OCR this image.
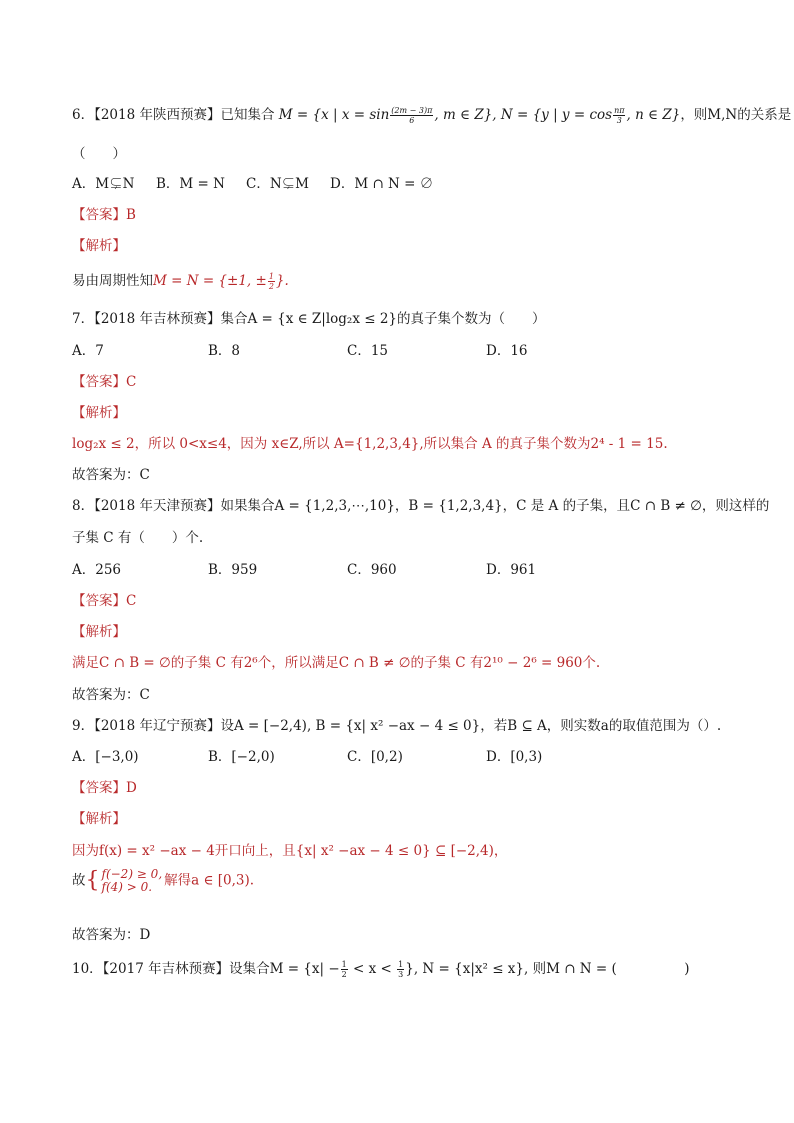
6．【2018 年陕西预赛】已知集合 M = {x | $x = \sin \frac{(2m - 3)\pi}{6}$ , m ∈ Z}, N = {y | $y = \cos \frac{n\pi}{3}$ , n ∈ Z}，则M,N的关系是
（　　）
A．M⊊N B．M = N C．N⊊M D．M ∩ N = ∅
【答案】B
【解析】
易由周期性知M = N = {±1, ± $\frac{1}{2}$ }.
7．【2018 年吉林预赛】集合A = {x ∈ Z|log₂x ≤ 2}的真子集个数为（　　）
A．7	B．8	C．15	D．16
【答案】C
【解析】
log₂x ≤ 2，所以 0<x≤4，因为 x∈Z,所以 A={1,2,3,4},所以集合 A 的真子集个数为2⁴ - 1 = 15.
故答案为：C
8．【2018 年天津预赛】如果集合A = {1,2,3,⋯,10}，B = {1,2,3,4}，C 是 A 的子集，且C ∩ B ≠ ∅，则这样的
子集 C 有（　　）个.
A．256	B．959	C．960	D．961
【答案】C
【解析】
满足C ∩ B = ∅的子集 C 有2⁶个，所以满足C ∩ B ≠ ∅的子集 C 有2¹⁰ − 2⁶ = 960个.
故答案为：C
9．【2018 年辽宁预赛】设A = [−2,4), B = {x| x² −ax − 4 ≤ 0}，若B ⊆ A，则实数a的取值范围为（）.
A．[−3,0)	B．[−2,0)	C．[0,2)	D．[0,3)
【答案】D
【解析】
因为f(x) = x² −ax − 4开口向上，且{x| x² −ax − 4 ≤ 0} ⊆ [−2,4)，
故{ f(−2) ≥ 0,
f(4) > 0. 解得a ∈ [0,3).
故答案为：D
10．【2017 年吉林预赛】设集合$M = \{x| - \frac{1}{2} < x < \frac{1}{3}$ }, N = {x|x² ≤ x}, 则M ∩ N = (　　　　　)
